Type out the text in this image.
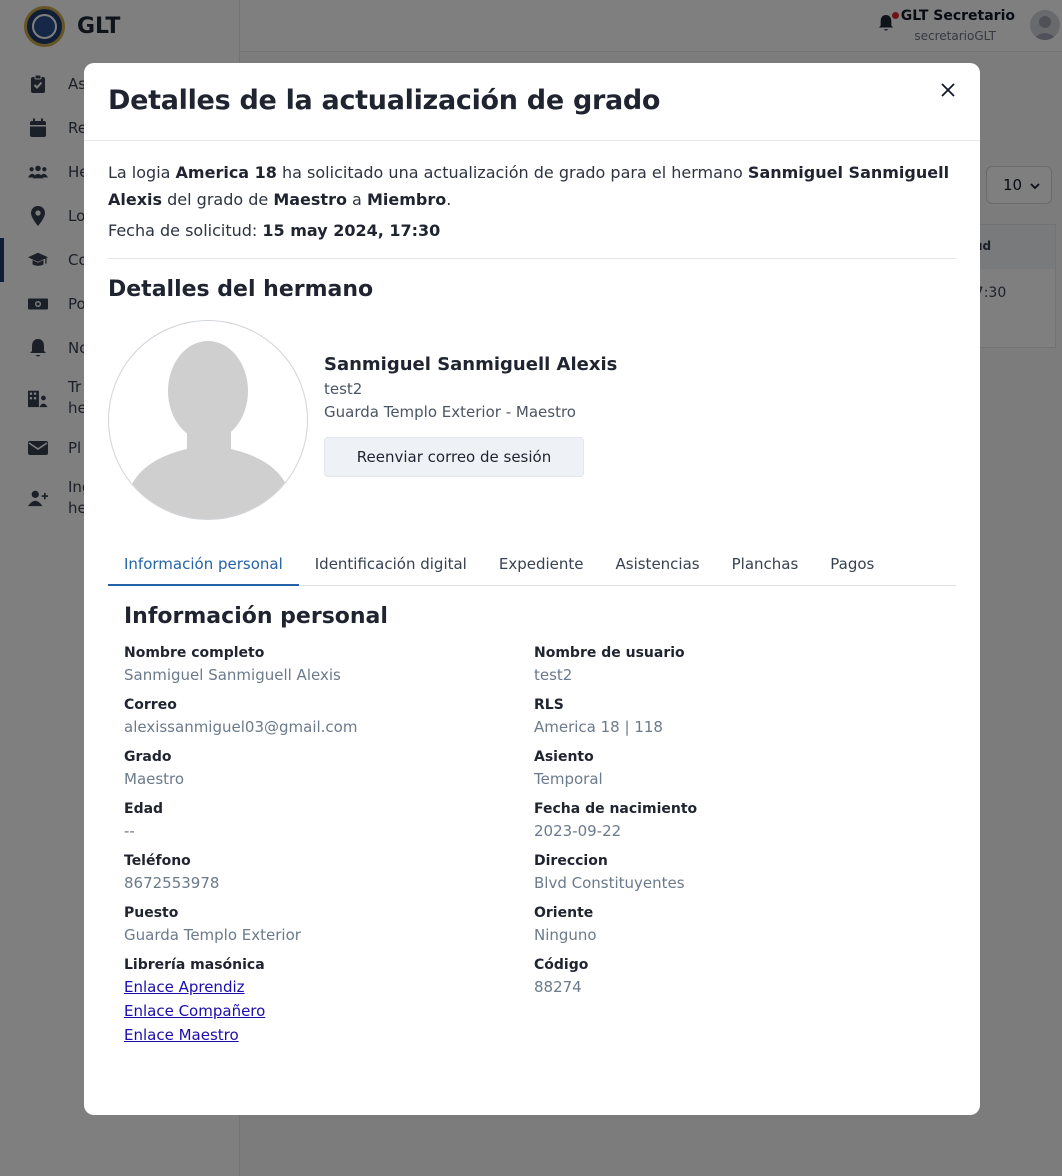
Detalles de la actualización de grado

La logia America 18 ha solicitado una actualización de grado para el hermano Sanmiguel Sanmiguell Alexis del grado de Maestro a Miembro.

Fecha de solicitud: 15 may 2024, 17:30

Detalles del hermano
Sanmiguel Sanmiguell Alexis
test2
Guarda Templo Exterior - Maestro
Reenviar correo de sesión
Información personal	Identificación digital	Expediente	Asistencias	Planchas	Pagos
Información personal
Nombre completo
Sanmiguel Sanmiguell Alexis
Correo
alexissanmiguel03@gmail.com
Grado
Maestro
Edad
--
Teléfono
8672553978
Puesto
Guarda Templo Exterior
Librería masónica
Enlace Aprendiz
Enlace Compañero
Enlace Maestro
Nombre de usuario
test2
RLS
America 18 | 118
Asiento
Temporal
Fecha de nacimiento
2023-09-22
Direccion
Blvd Constituyentes
Oriente
Ninguno
Código
88274
